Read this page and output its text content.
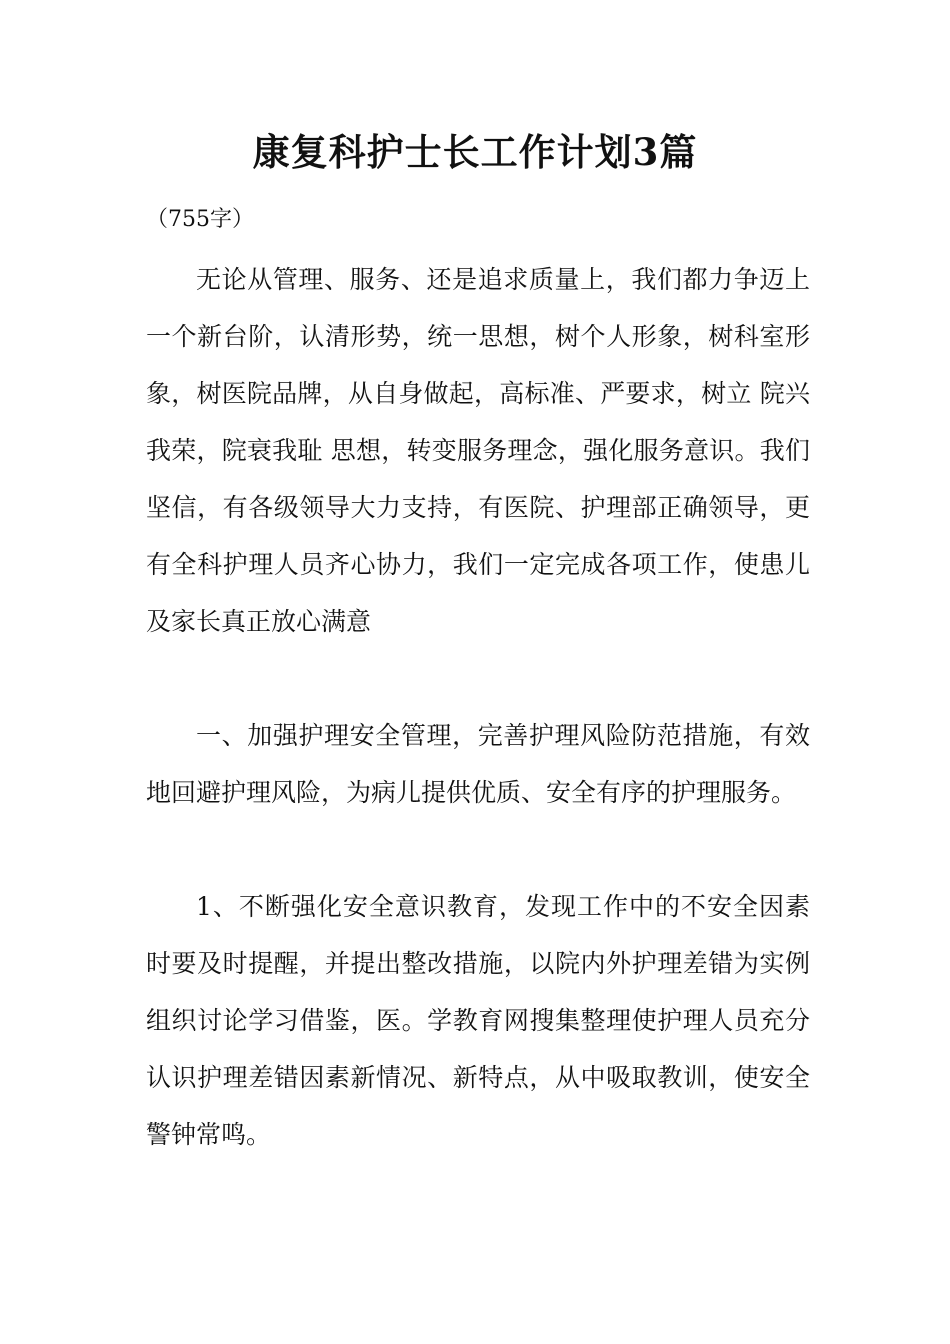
康复科护士长工作计划3篇
（755字）

无论从管理、服务、还是追求质量上，我们都力争迈上一个新台阶，认清形势，统一思想，树个人形象，树科室形象，树医院品牌，从自身做起，高标准、严要求，树立 院兴我荣，院衰我耻 思想，转变服务理念，强化服务意识。我们坚信，有各级领导大力支持，有医院、护理部正确领导，更有全科护理人员齐心协力，我们一定完成各项工作，使患儿及家长真正放心满意

一、加强护理安全管理，完善护理风险防范措施，有效地回避护理风险，为病儿提供优质、安全有序的护理服务。

1、不断强化安全意识教育，发现工作中的不安全因素时要及时提醒，并提出整改措施，以院内外护理差错为实例组织讨论学习借鉴，医。学教育网搜集整理使护理人员充分认识护理差错因素新情况、新特点，从中吸取教训，使安全警钟常鸣。
